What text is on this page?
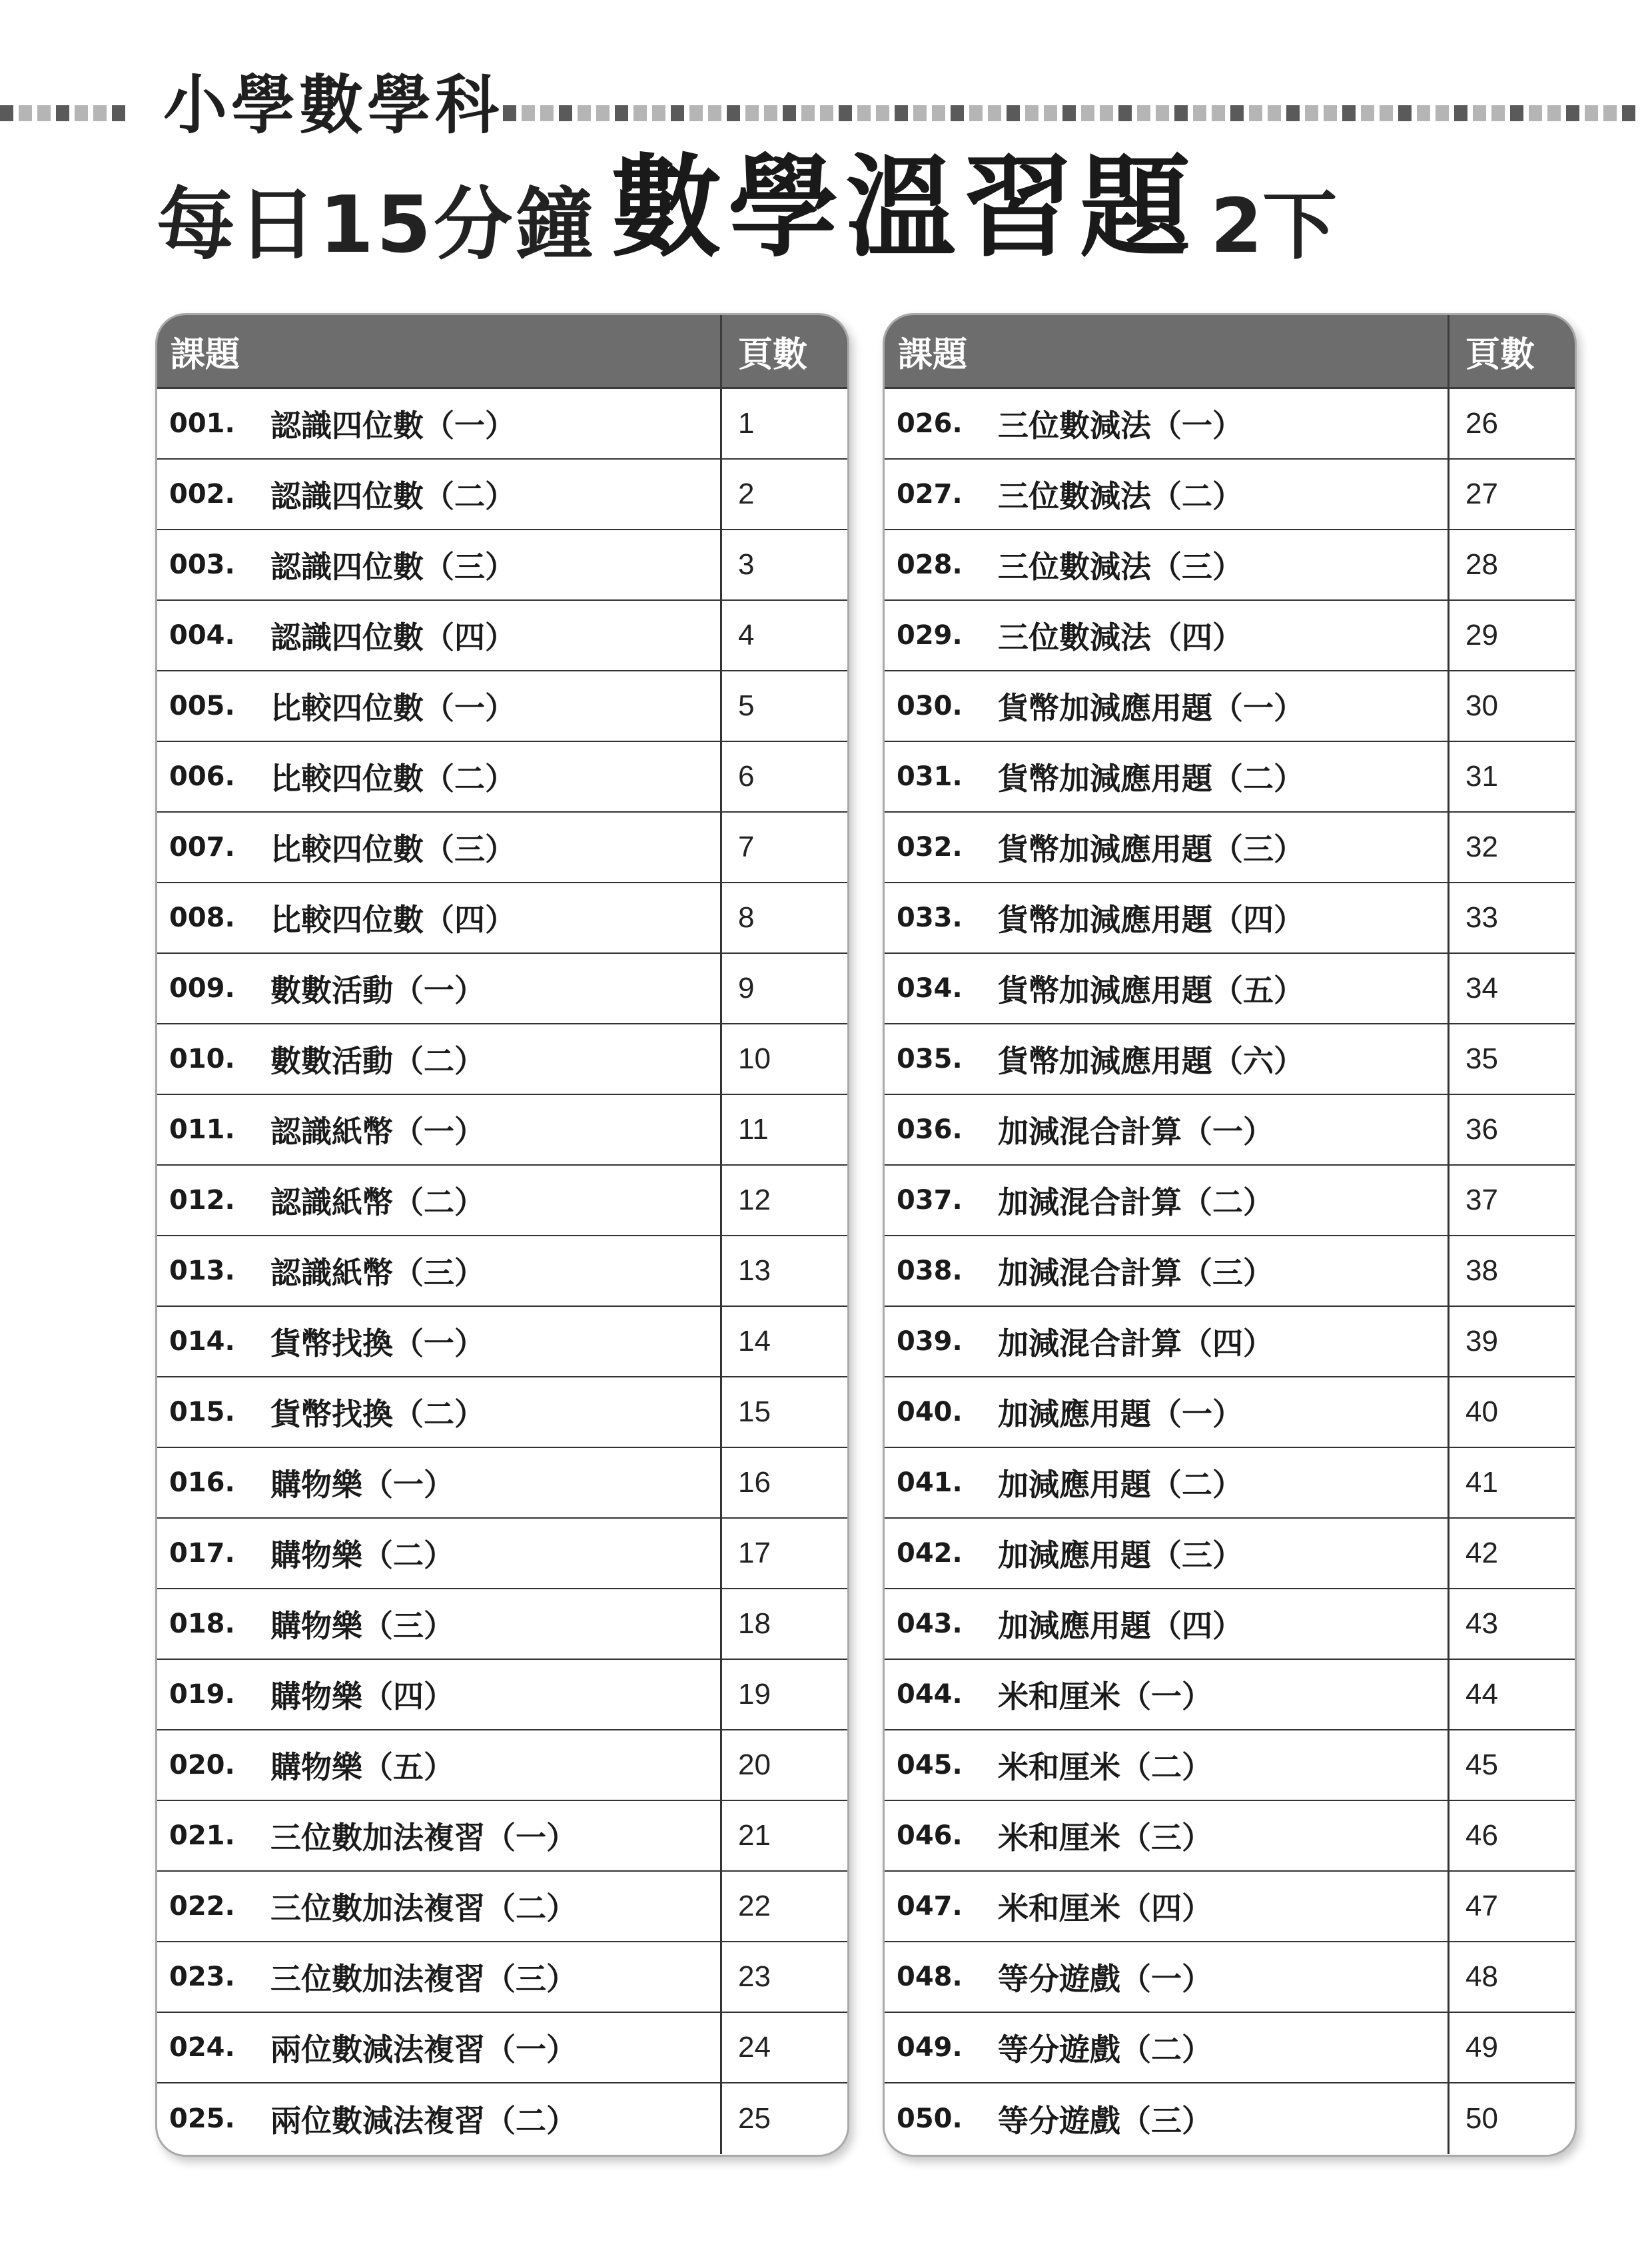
小學數學科
每日15分鐘 數學溫習題 2下
課題	頁數
001.	認識四位數（一）	1
002.	認識四位數（二）	2
003.	認識四位數（三）	3
004.	認識四位數（四）	4
005.	比較四位數（一）	5
006.	比較四位數（二）	6
007.	比較四位數（三）	7
008.	比較四位數（四）	8
009.	數數活動（一）	9
010.	數數活動（二）	10
011.	認識紙幣（一）	11
012.	認識紙幣（二）	12
013.	認識紙幣（三）	13
014.	貨幣找換（一）	14
015.	貨幣找換（二）	15
016.	購物樂（一）	16
017.	購物樂（二）	17
018.	購物樂（三）	18
019.	購物樂（四）	19
020.	購物樂（五）	20
021.	三位數加法複習（一）	21
022.	三位數加法複習（二）	22
023.	三位數加法複習（三）	23
024.	兩位數減法複習（一）	24
025.	兩位數減法複習（二）	25
課題	頁數
026.	三位數減法（一）	26
027.	三位數減法（二）	27
028.	三位數減法（三）	28
029.	三位數減法（四）	29
030.	貨幣加減應用題（一）	30
031.	貨幣加減應用題（二）	31
032.	貨幣加減應用題（三）	32
033.	貨幣加減應用題（四）	33
034.	貨幣加減應用題（五）	34
035.	貨幣加減應用題（六）	35
036.	加減混合計算（一）	36
037.	加減混合計算（二）	37
038.	加減混合計算（三）	38
039.	加減混合計算（四）	39
040.	加減應用題（一）	40
041.	加減應用題（二）	41
042.	加減應用題（三）	42
043.	加減應用題（四）	43
044.	米和厘米（一）	44
045.	米和厘米（二）	45
046.	米和厘米（三）	46
047.	米和厘米（四）	47
048.	等分遊戲（一）	48
049.	等分遊戲（二）	49
050.	等分遊戲（三）	50
